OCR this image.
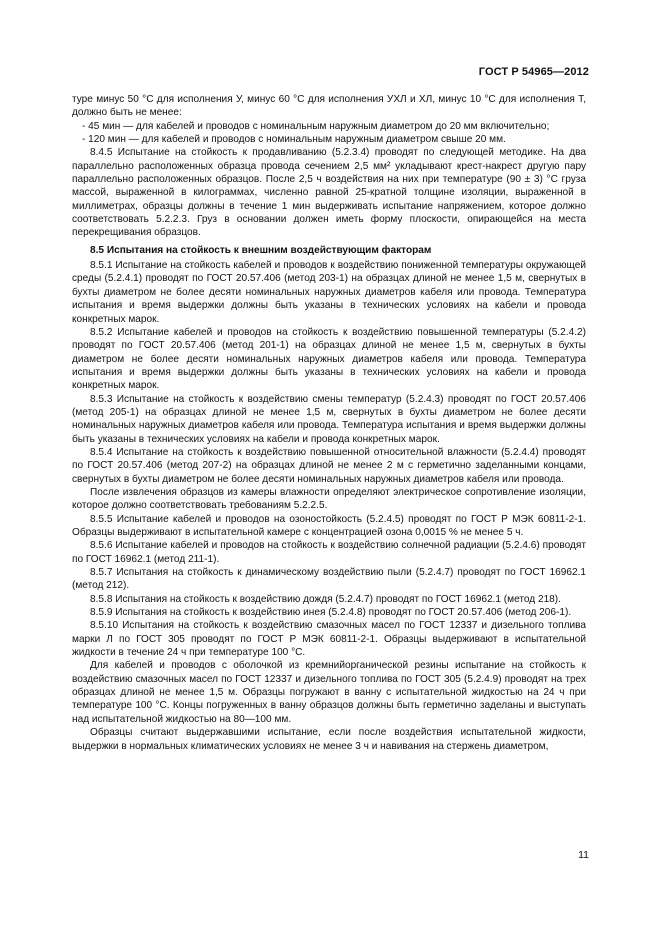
ГОСТ Р 54965—2012

туре минус 50 °С для исполнения У, минус 60 °С для исполнения УХЛ и ХЛ, минус 10 °С для исполнения Т, должно быть не менее:

- 45 мин — для кабелей и проводов с номинальным наружным диаметром до 20 мм включительно;

- 120 мин — для кабелей и проводов с номинальным наружным диаметром свыше 20 мм.

8.4.5 Испытание на стойкость к продавливанию (5.2.3.4) проводят по следующей методике. На два параллельно расположенных образца провода сечением 2,5 мм² укладывают крест-накрест другую пару параллельно расположенных образцов. После 2,5 ч воздействия на них при температуре (90 ± 3) °С груза массой, выраженной в килограммах, численно равной 25-кратной толщине изоляции, выраженной в миллиметрах, образцы должны в течение 1 мин выдерживать испытание напряжением, которое должно соответствовать 5.2.2.3. Груз в основании должен иметь форму плоскости, опирающейся на места перекрещивания образцов.

8.5 Испытания на стойкость к внешним воздействующим факторам

8.5.1 Испытание на стойкость кабелей и проводов к воздействию пониженной температуры окружающей среды (5.2.4.1) проводят по ГОСТ 20.57.406 (метод 203-1) на образцах длиной не менее 1,5 м, свернутых в бухты диаметром не более десяти номинальных наружных диаметров кабеля или провода. Температура испытания и время выдержки должны быть указаны в технических условиях на кабели и провода конкретных марок.

8.5.2 Испытание кабелей и проводов на стойкость к воздействию повышенной температуры (5.2.4.2) проводят по ГОСТ 20.57.406 (метод 201-1) на образцах длиной не менее 1,5 м, свернутых в бухты диаметром не более десяти номинальных наружных диаметров кабеля или провода. Температура испытания и время выдержки должны быть указаны в технических условиях на кабели и провода конкретных марок.

8.5.3 Испытание на стойкость к воздействию смены температур (5.2.4.3) проводят по ГОСТ 20.57.406 (метод 205-1) на образцах длиной не менее 1,5 м, свернутых в бухты диаметром не более десяти номинальных наружных диаметров кабеля или провода. Температура испытания и время выдержки должны быть указаны в технических условиях на кабели и провода конкретных марок.

8.5.4 Испытание на стойкость к воздействию повышенной относительной влажности (5.2.4.4) проводят по ГОСТ 20.57.406 (метод 207-2) на образцах длиной не менее 2 м с герметично заделанными концами, свернутых в бухты диаметром не более десяти номинальных наружных диаметров кабеля или провода.

После извлечения образцов из камеры влажности определяют электрическое сопротивление изоляции, которое должно соответствовать требованиям 5.2.2.5.

8.5.5 Испытание кабелей и проводов на озоностойкость (5.2.4.5) проводят по ГОСТ Р МЭК 60811-2-1. Образцы выдерживают в испытательной камере с концентрацией озона 0,0015 % не менее 5 ч.

8.5.6 Испытание кабелей и проводов на стойкость к воздействию солнечной радиации (5.2.4.6) проводят по ГОСТ 16962.1 (метод 211-1).

8.5.7 Испытания на стойкость к динамическому воздействию пыли (5.2.4.7) проводят по ГОСТ 16962.1 (метод 212).

8.5.8 Испытания на стойкость к воздействию дождя (5.2.4.7) проводят по ГОСТ 16962.1 (метод 218).

8.5.9 Испытания на стойкость к воздействию инея (5.2.4.8) проводят по ГОСТ 20.57.406 (метод 206-1).

8.5.10 Испытания на стойкость к воздействию смазочных масел по ГОСТ 12337 и дизельного топлива марки Л по ГОСТ 305 проводят по ГОСТ Р МЭК 60811-2-1. Образцы выдерживают в испытательной жидкости в течение 24 ч при температуре 100 °С.

Для кабелей и проводов с оболочкой из кремнийорганической резины испытание на стойкость к воздействию смазочных масел по ГОСТ 12337 и дизельного топлива по ГОСТ 305 (5.2.4.9) проводят на трех образцах длиной не менее 1,5 м. Образцы погружают в ванну с испытательной жидкостью на 24 ч при температуре 100 °С. Концы погруженных в ванну образцов должны быть герметично заделаны и выступать над испытательной жидкостью на 80—100 мм.

Образцы считают выдержавшими испытание, если после воздействия испытательной жидкости, выдержки в нормальных климатических условиях не менее 3 ч и навивания на стержень диаметром,

11
